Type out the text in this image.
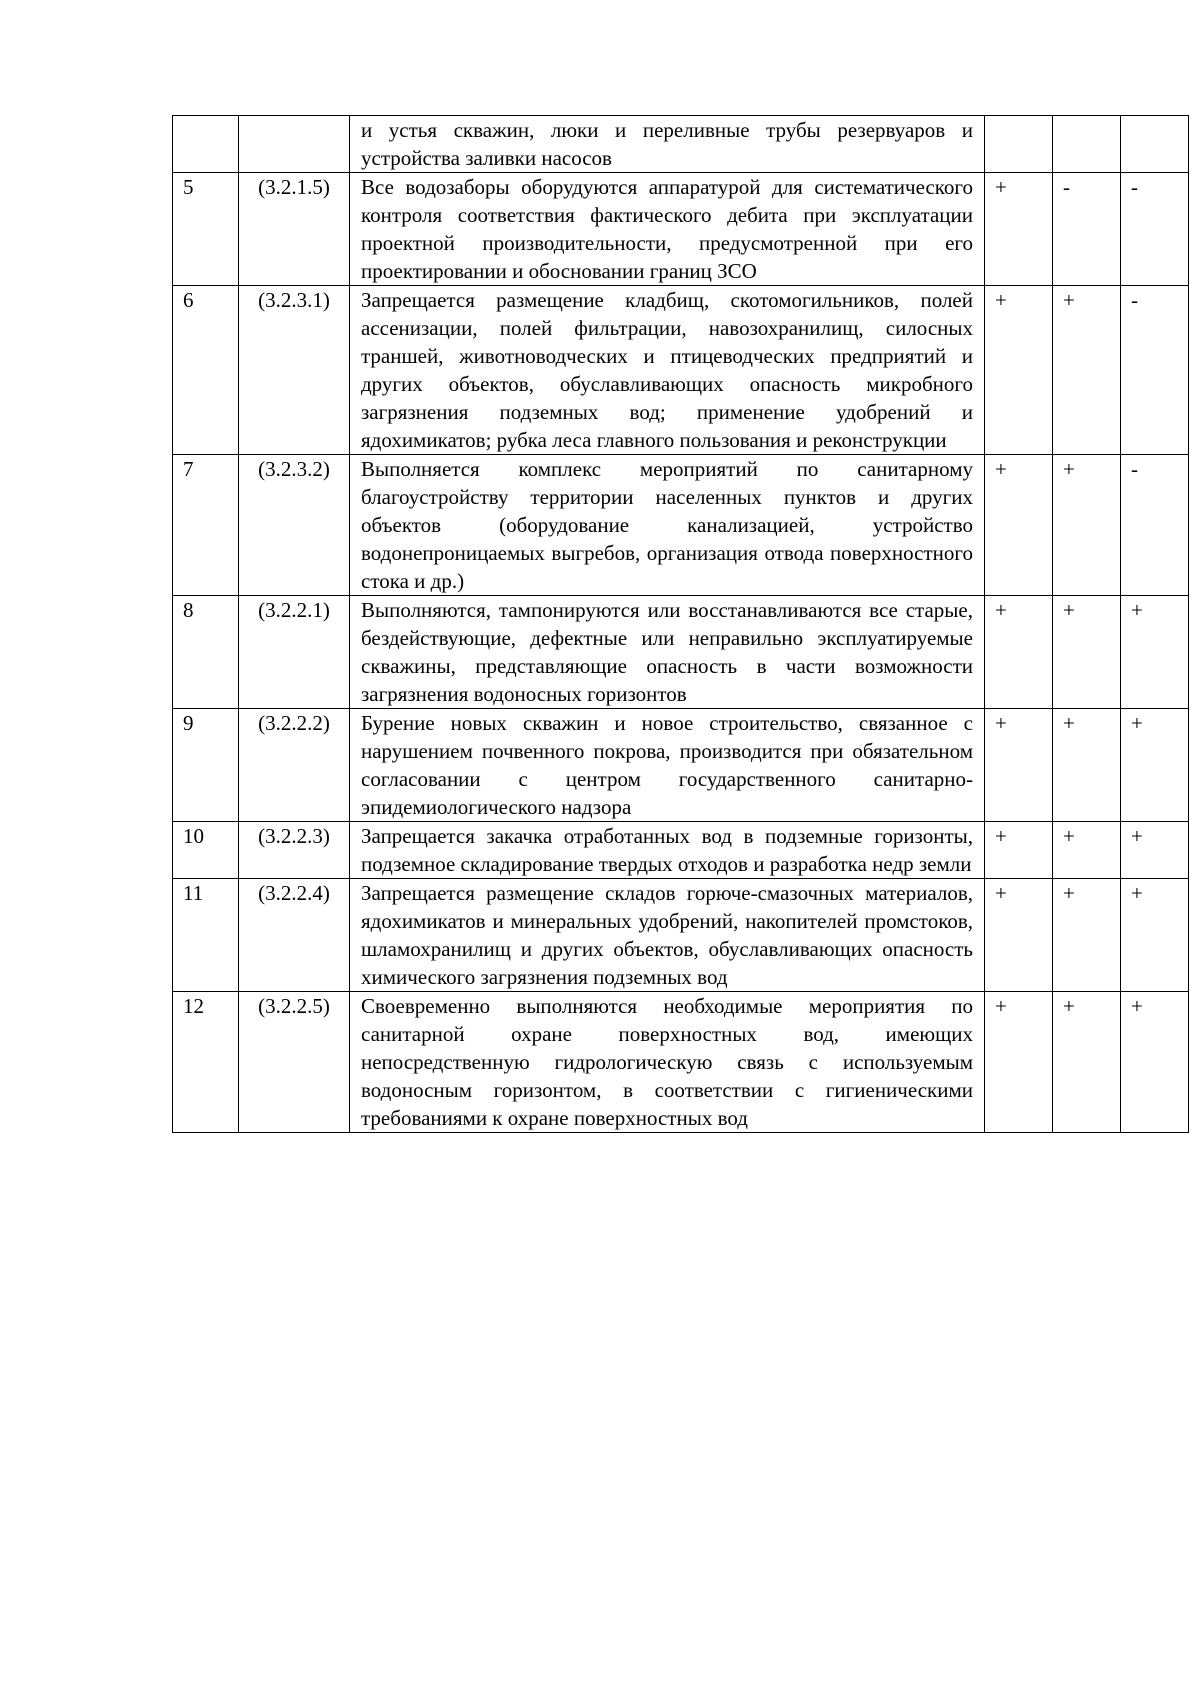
		и устья скважин, люки и переливные трубы резервуаров и устройства заливки насосов			
5	(3.2.1.5)	Все водозаборы оборудуются аппаратурой для систематического контроля соответствия фактического дебита при эксплуатации проектной производительности, предусмотренной при его проектировании и обосновании границ ЗСО	+	-	-
6	(3.2.3.1)	Запрещается размещение кладбищ, скотомогильников, полей ассенизации, полей фильтрации, навозохранилищ, силосных траншей, животноводческих и птицеводческих предприятий и других объектов, обуславливающих опасность микробного загрязнения подземных вод; применение удобрений и ядохимикатов; рубка леса главного пользования и реконструкции	+	+	-
7	(3.2.3.2)	Выполняется комплекс мероприятий по санитарному благоустройству территории населенных пунктов и других объектов (оборудование канализацией, устройство водонепроницаемых выгребов, организация отвода поверхностного стока и др.)	+	+	-
8	(3.2.2.1)	Выполняются, тампонируются или восстанавливаются все старые, бездействующие, дефектные или неправильно эксплуатируемые скважины, представляющие опасность в части возможности загрязнения водоносных горизонтов	+	+	+
9	(3.2.2.2)	Бурение новых скважин и новое строительство, связанное с нарушением почвенного покрова, производится при обязательном согласовании с центром государственного санитарно-эпидемиологического надзора	+	+	+
10	(3.2.2.3)	Запрещается закачка отработанных вод в подземные горизонты, подземное складирование твердых отходов и разработка недр земли	+	+	+
11	(3.2.2.4)	Запрещается размещение складов горюче-смазочных материалов, ядохимикатов и минеральных удобрений, накопителей промстоков, шламохранилищ и других объектов, обуславливающих опасность химического загрязнения подземных вод	+	+	+
12	(3.2.2.5)	Своевременно выполняются необходимые мероприятия по санитарной охране поверхностных вод, имеющих непосредственную гидрологическую связь с используемым водоносным горизонтом, в соответствии с гигиеническими требованиями к охране поверхностных вод	+	+	+
